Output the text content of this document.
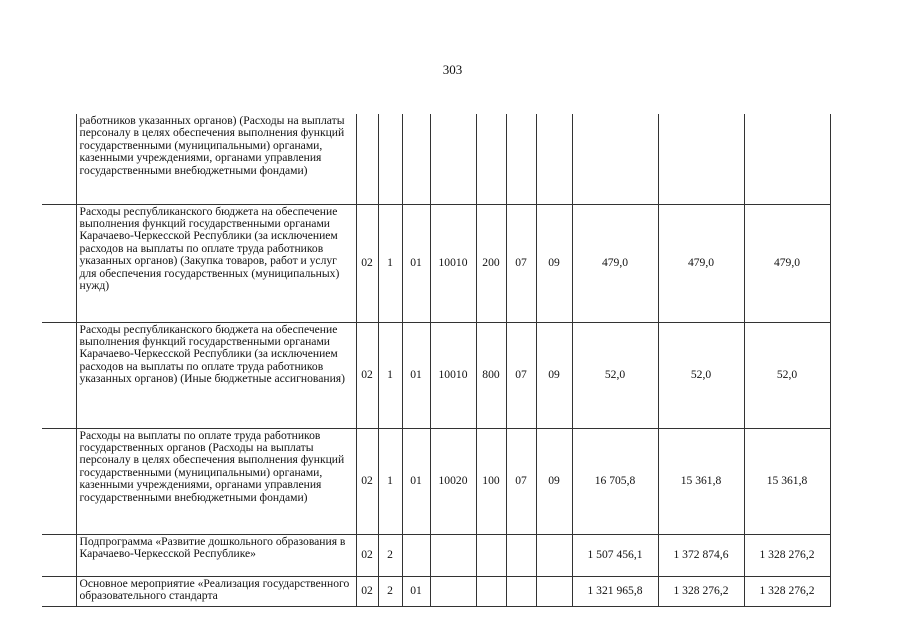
303
	работников указанных органов) (Расходы на выплаты персоналу в целях обеспечения выполнения функций государственными (муниципальными) органами, казенными учреждениями, органами управления государственными внебюджетными фондами)										
	Расходы республиканского бюджета на обеспечение выполнения функций государственными органами Карачаево-Черкесской Республики (за исключением расходов на выплаты по оплате труда работников указанных органов) (Закупка товаров, работ и услуг для обеспечения государственных (муниципальных) нужд)	02	1	01	10010	200	07	09	479,0	479,0	479,0
	Расходы республиканского бюджета на обеспечение выполнения функций государственными органами Карачаево-Черкесской Республики (за исключением расходов на выплаты по оплате труда работников указанных органов) (Иные бюджетные ассигнования)	02	1	01	10010	800	07	09	52,0	52,0	52,0
	Расходы на выплаты по оплате труда работников государственных органов (Расходы на выплаты персоналу в целях обеспечения выполнения функций государственными (муниципальными) органами, казенными учреждениями, органами управления государственными внебюджетными фондами)	02	1	01	10020	100	07	09	16 705,8	15 361,8	15 361,8
	Подпрограмма «Развитие дошкольного образования в Карачаево-Черкесской Республике»	02	2						1 507 456,1	1 372 874,6	1 328 276,2
	Основное мероприятие «Реализация государственного образовательного стандарта	02	2	01					1 321 965,8	1 328 276,2	1 328 276,2
